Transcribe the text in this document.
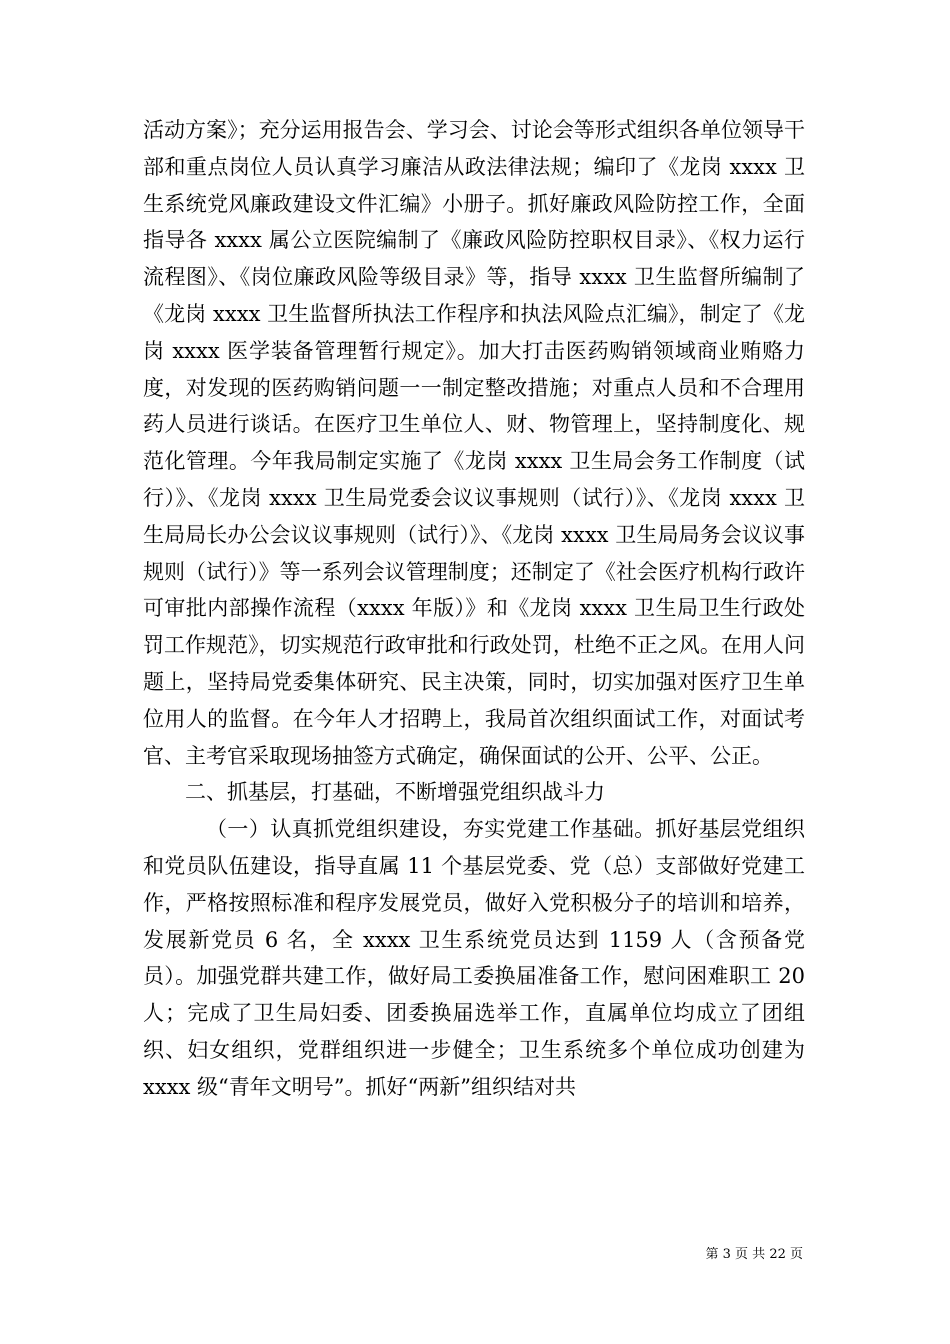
活动方案》；充分运用报告会、学习会、讨论会等形式组织各单位领导干部和重点岗位人员认真学习廉洁从政法律法规；编印了《龙岗 xxxx 卫生系统党风廉政建设文件汇编》小册子。抓好廉政风险防控工作，全面指导各 xxxx 属公立医院编制了《廉政风险防控职权目录》、《权力运行流程图》、《岗位廉政风险等级目录》等，指导 xxxx 卫生监督所编制了《龙岗 xxxx 卫生监督所执法工作程序和执法风险点汇编》，制定了《龙岗 xxxx 医学装备管理暂行规定》。加大打击医药购销领域商业贿赂力度，对发现的医药购销问题一一制定整改措施；对重点人员和不合理用药人员进行谈话。在医疗卫生单位人、财、物管理上，坚持制度化、规范化管理。今年我局制定实施了《龙岗 xxxx 卫生局会务工作制度（试行）》、《龙岗 xxxx 卫生局党委会议议事规则（试行）》、《龙岗 xxxx 卫生局局长办公会议议事规则（试行）》、《龙岗 xxxx 卫生局局务会议议事规则（试行）》等一系列会议管理制度；还制定了《社会医疗机构行政许可审批内部操作流程（xxxx 年版）》和《龙岗 xxxx 卫生局卫生行政处罚工作规范》，切实规范行政审批和行政处罚，杜绝不正之风。在用人问题上，坚持局党委集体研究、民主决策，同时，切实加强对医疗卫生单位用人的监督。在今年人才招聘上，我局首次组织面试工作，对面试考官、主考官采取现场抽签方式确定，确保面试的公开、公平、公正。

二、抓基层，打基础，不断增强党组织战斗力

（一）认真抓党组织建设，夯实党建工作基础。抓好基层党组织和党员队伍建设，指导直属 11 个基层党委、党（总）支部做好党建工作，严格按照标准和程序发展党员，做好入党积极分子的培训和培养，发展新党员 6 名，全 xxxx 卫生系统党员达到 1159 人（含预备党员）。加强党群共建工作，做好局工委换届准备工作，慰问困难职工 20 人；完成了卫生局妇委、团委换届选举工作，直属单位均成立了团组织、妇女组织，党群组织进一步健全；卫生系统多个单位成功创建为 xxxx 级“青年文明号”。抓好“两新”组织结对共

第 3 页 共 22 页
